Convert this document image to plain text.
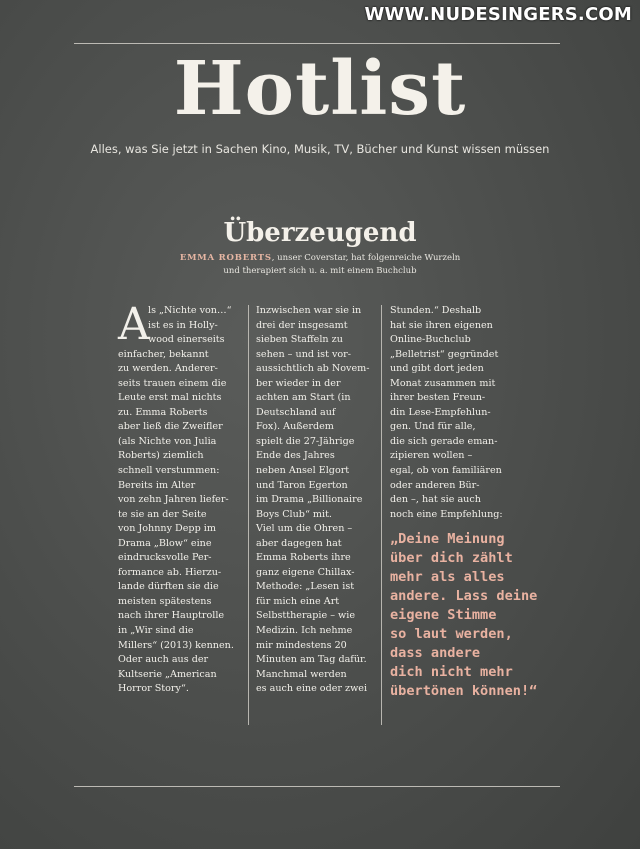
WWW.NUDESINGERS.COM
Hotlist
Alles, was Sie jetzt in Sachen Kino, Musik, TV, Bücher und Kunst wissen müssen
Überzeugend
EMMA ROBERTS, unser Coverstar, hat folgenreiche Wurzeln
und therapiert sich u. a. mit einem Buchclub
A
ls „Nichte von…“
ist es in Holly-
wood einerseits
einfacher, bekannt
zu werden. Anderer-
seits trauen einem die
Leute erst mal nichts
zu. Emma Roberts
aber ließ die Zweifler
(als Nichte von Julia
Roberts) ziemlich
schnell verstummen:
Bereits im Alter
von zehn Jahren liefer-
te sie an der Seite
von Johnny Depp im
Drama „Blow“ eine
eindrucksvolle Per-
formance ab. Hierzu-
lande dürften sie die
meisten spätestens
nach ihrer Hauptrolle
in „Wir sind die
Millers“ (2013) kennen.
Oder auch aus der
Kultserie „American
Horror Story“.
Inzwischen war sie in
drei der insgesamt
sieben Staffeln zu
sehen – und ist vor-
aussichtlich ab Novem-
ber wieder in der
achten am Start (in
Deutschland auf
Fox). Außerdem
spielt die 27-Jährige
Ende des Jahres
neben Ansel Elgort
und Taron Egerton
im Drama „Billionaire
Boys Club“ mit.
Viel um die Ohren –
aber dagegen hat
Emma Roberts ihre
ganz eigene Chillax-
Methode: „Lesen ist
für mich eine Art
Selbsttherapie – wie
Medizin. Ich nehme
mir mindestens 20
Minuten am Tag dafür.
Manchmal werden
es auch eine oder zwei
Stunden.“ Deshalb
hat sie ihren eigenen
Online-Buchclub
„Belletrist“ gegründet
und gibt dort jeden
Monat zusammen mit
ihrer besten Freun-
din Lese-Empfehlun-
gen. Und für alle,
die sich gerade eman-
zipieren wollen –
egal, ob von familiären
oder anderen Bür-
den –, hat sie auch
noch eine Empfehlung:
„Deine Meinung
über dich zählt
mehr als alles
andere. Lass deine
eigene Stimme
so laut werden,
dass andere
dich nicht mehr
übertönen können!“
